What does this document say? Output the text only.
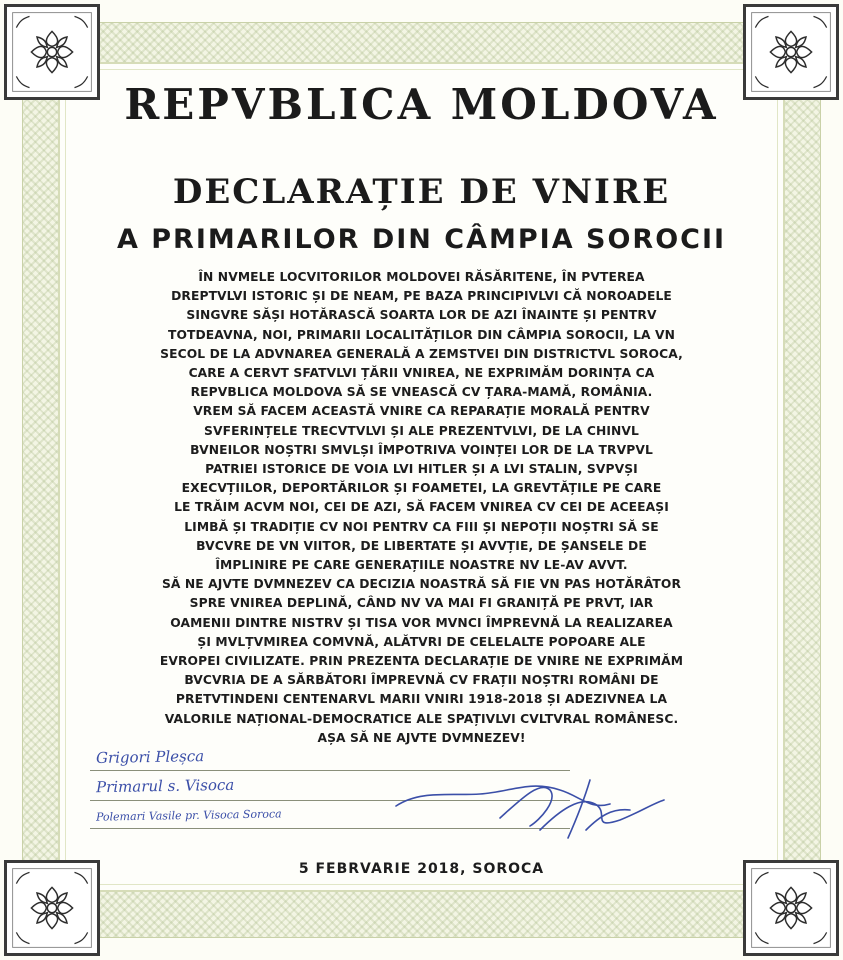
REPVBLICA MOLDOVA
DECLARAȚIE DE VNIRE
A PRIMARILOR DIN CÂMPIA SOROCII
ÎN NVMELE LOCVITORILOR MOLDOVEI RĂSĂRITENE, ÎN PVTEREA
DREPTVLVI ISTORIC ȘI DE NEAM, PE BAZA PRINCIPIVLVI CĂ NOROADELE
SINGVRE SĂȘI HOTĂRASCĂ SOARTA LOR DE AZI ÎNAINTE ȘI PENTRV
TOTDEAVNA, NOI, PRIMARII LOCALITĂȚILOR DIN CÂMPIA SOROCII, LA VN
SECOL DE LA ADVNAREA GENERALĂ A ZEMSTVEI DIN DISTRICTVL SOROCA,
CARE A CERVT SFATVLVI ȚĂRII VNIREA, NE EXPRIMĂM DORINȚA CA
REPVBLICA MOLDOVA SĂ SE VNEASCĂ CV ȚARA-MAMĂ, ROMÂNIA.
VREM SĂ FACEM ACEASTĂ VNIRE CA REPARAȚIE MORALĂ PENTRV
SVFERINȚELE TRECVTVLVI ȘI ALE PREZENTVLVI, DE LA CHINVL
BVNEILOR NOȘTRI SMVLȘI ÎMPOTRIVA VOINȚEI LOR DE LA TRVPVL
PATRIEI ISTORICE DE VOIA LVI HITLER ȘI A LVI STALIN, SVPVȘI
EXECVȚIILOR, DEPORTĂRILOR ȘI FOAMETEI, LA GREVTĂȚILE PE CARE
LE TRĂIM ACVM NOI, CEI DE AZI, SĂ FACEM VNIREA CV CEI DE ACEEAȘI
LIMBĂ ȘI TRADIȚIE CV NOI PENTRV CA FIII ȘI NEPOȚII NOȘTRI SĂ SE
BVCVRE DE VN VIITOR, DE LIBERTATE ȘI AVVȚIE, DE ȘANSELE DE
ÎMPLINIRE PE CARE GENERAȚIILE NOASTRE NV LE-AV AVVT.
SĂ NE AJVTE DVMNEZEV CA DECIZIA NOASTRĂ SĂ FIE VN PAS HOTĂRÂTOR
SPRE VNIREA DEPLINĂ, CÂND NV VA MAI FI GRANIȚĂ PE PRVT, IAR
OAMENII DINTRE NISTRV ȘI TISA VOR MVNCI ÎMPREVNĂ LA REALIZAREA
ȘI MVLȚVMIREA COMVNĂ, ALĂTVRI DE CELELALTE POPOARE ALE
EVROPEI CIVILIZATE. PRIN PREZENTA DECLARAȚIE DE VNIRE NE EXPRIMĂM
BVCVRIA DE A SĂRBĂTORI ÎMPREVNĂ CV FRAȚII NOȘTRI ROMÂNI DE
PRETVTINDENI CENTENARVL MARII VNIRI 1918-2018 ȘI ADEZIVNEA LA
VALORILE NAȚIONAL-DEMOCRATICE ALE SPAȚIVLVI CVLTVRAL ROMÂNESC.
AȘA SĂ NE AJVTE DVMNEZEV!
Grigori Pleșca
Primarul s. Visoca
Polemari Vasile pr. Visoca Soroca
5 FEBRVARIE 2018, SOROCA
